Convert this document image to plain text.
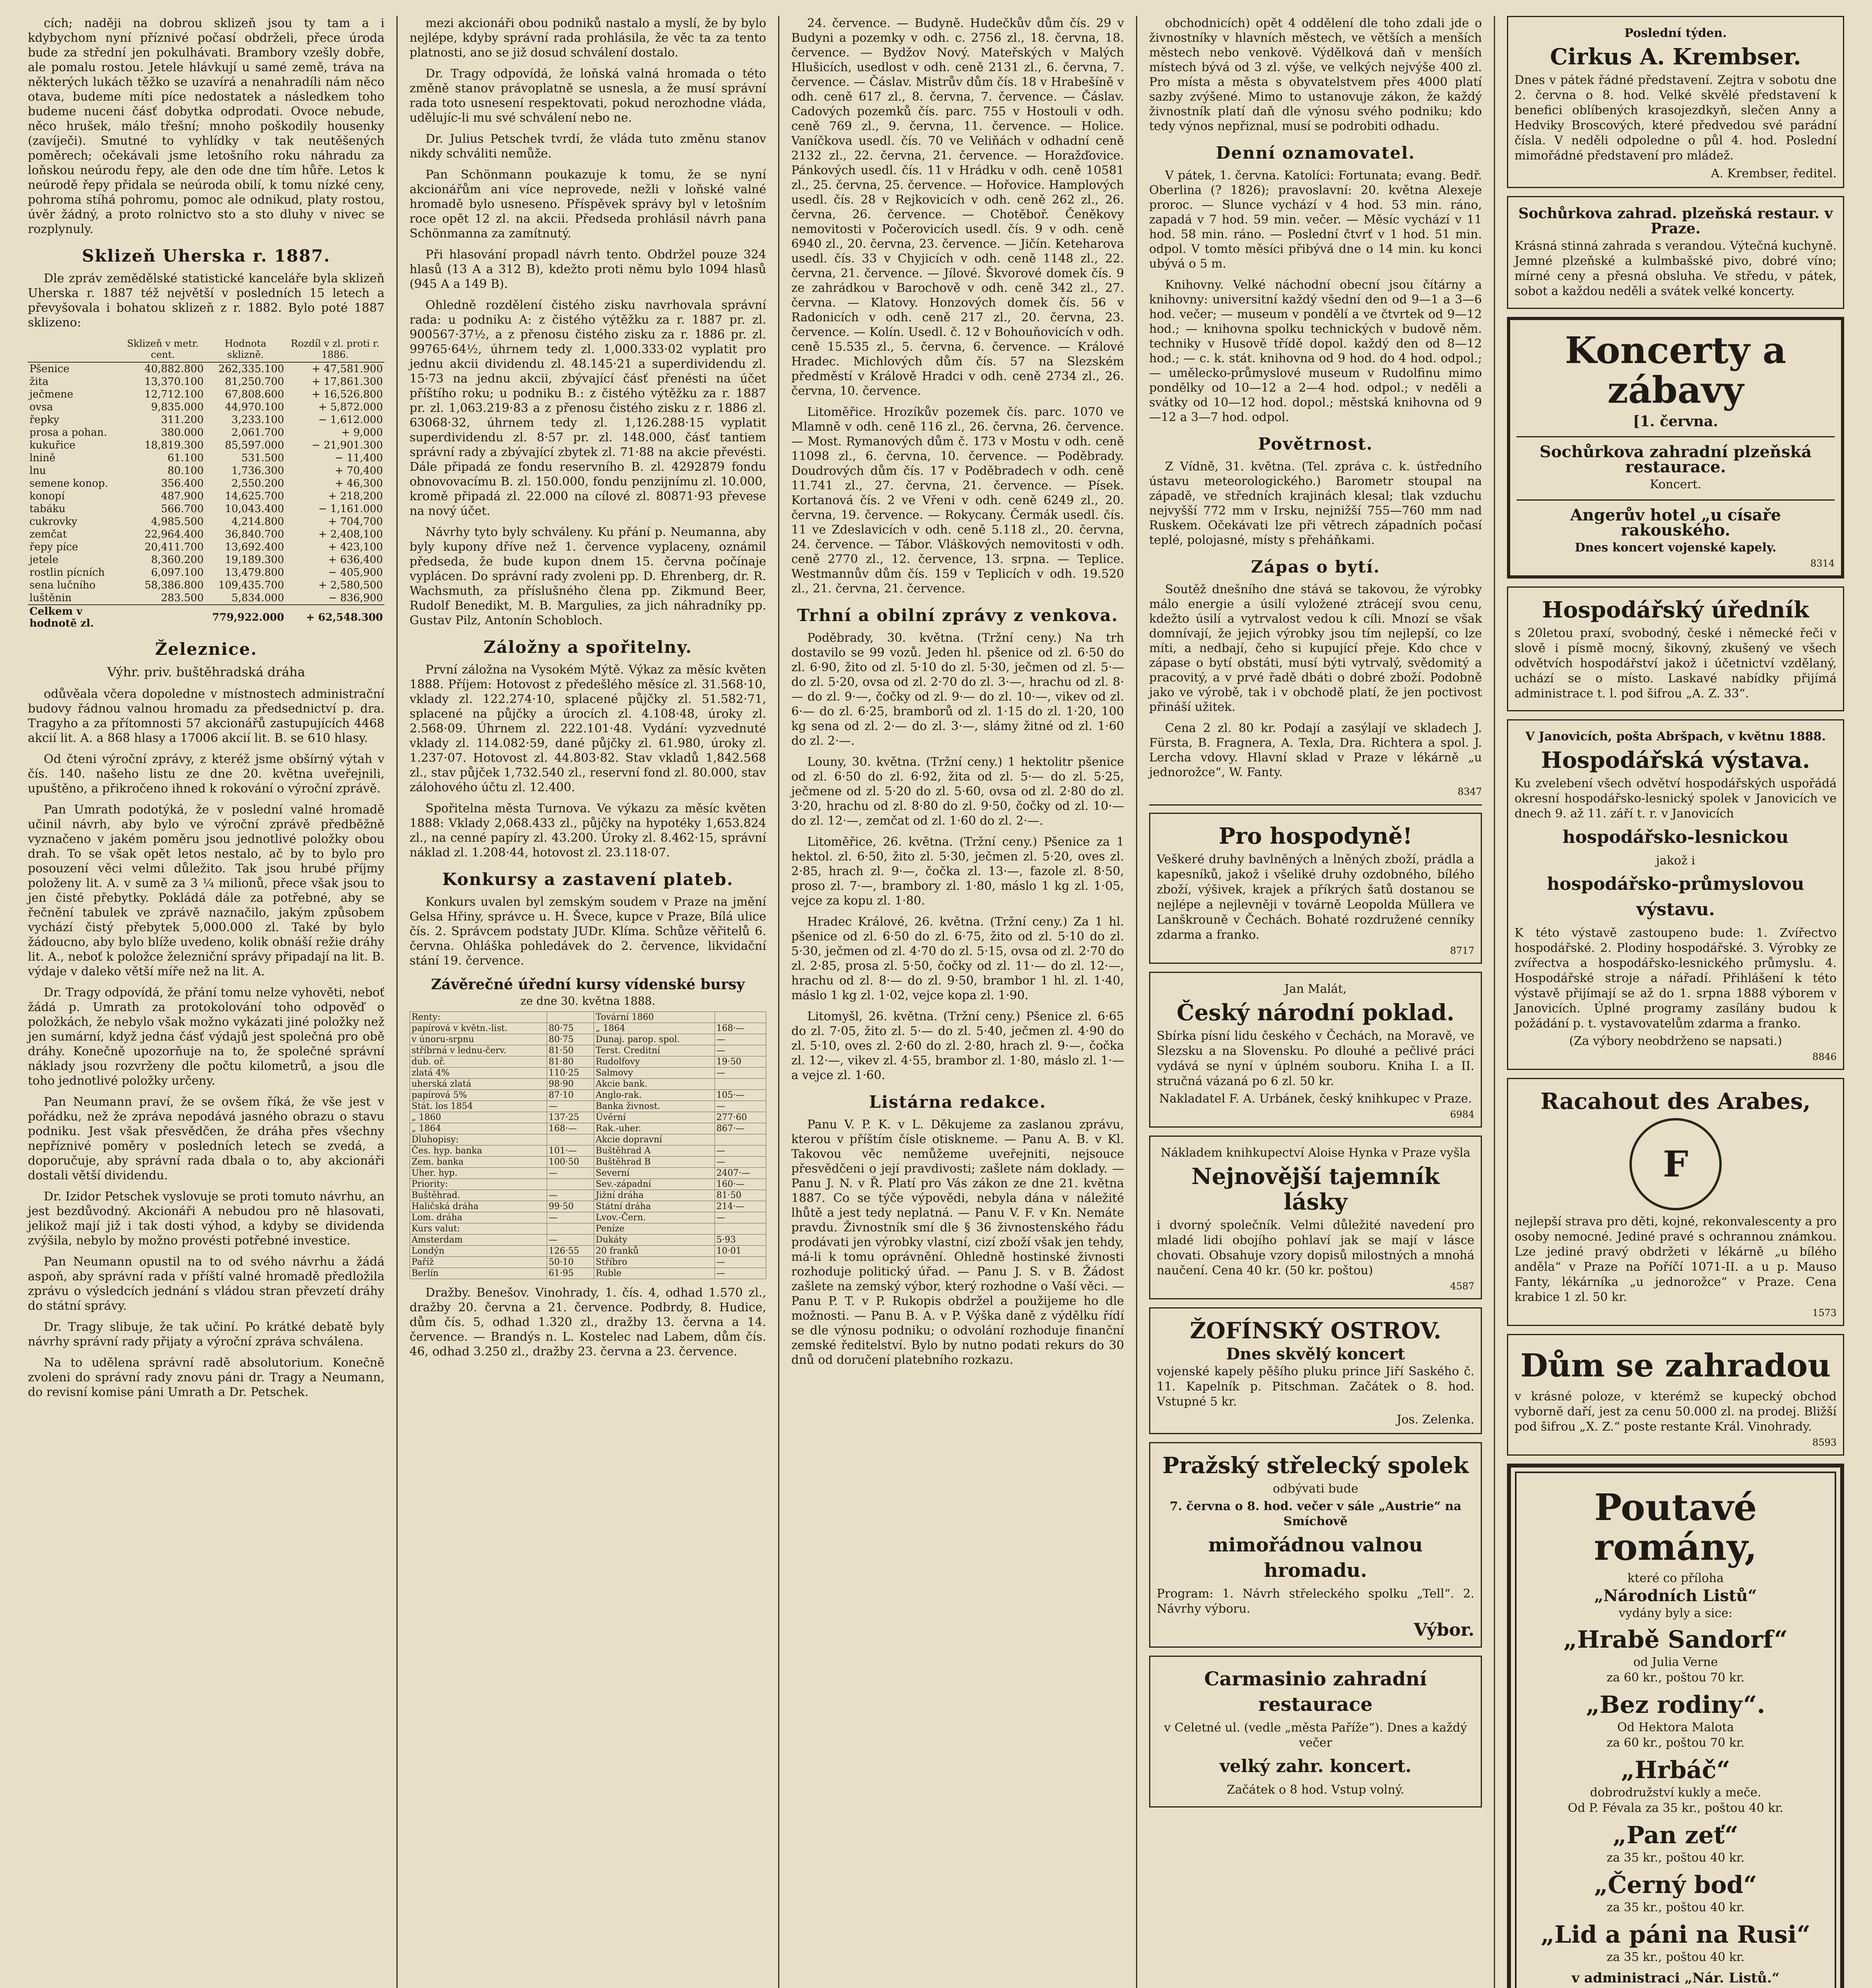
cích; naději na dobrou sklizeň jsou ty tam a i kdybychom nyní příznivé počasí obdrželi, přece úroda bude za střední jen pokulhávati. Brambory vzešly dobře, ale pomalu rostou. Jetele hlávkují u samé země, tráva na některých lukách těžko se uzavírá a nenahradíli nám něco otava, budeme míti píce nedostatek a následkem toho budeme nuceni čásť dobytka odprodati. Ovoce nebude, něco hrušek, málo třešní; mnoho poškodily housenky (zavíječi). Smutné to vyhlídky v tak neutěšených poměrech; očekávali jsme letošního roku náhradu za loňskou neúrodu řepy, ale den ode dne tím hůře. Letos k neúrodě řepy přidala se neúroda obilí, k tomu nízké ceny, pohroma stíhá pohromu, pomoc ale odnikud, platy rostou, úvěr žádný, a proto rolnictvo sto a sto dluhy v nivec se rozplynuly.

Sklizeň Uherska r. 1887.

Dle zpráv zemědělské statistické kanceláře byla sklizeň Uherska r. 1887 též největší v posledních 15 letech a převyšovala i bohatou sklizeň z r. 1882. Bylo poté 1887 sklizeno:

	Sklizeň v metr. cent.	Hodnota sklizně.	Rozdíl v zl. proti r. 1886.
Pšenice	40,882.800	262,335.100	+ 47,581.900
žita	13,370.100	81,250.700	+ 17,861.300
ječmene	12,712.100	67,808.600	+ 16,526.800
ovsa	9,835.000	44,970.100	+ 5,872.000
řepky	311.200	3,233.100	− 1,612.000
prosa a pohan.	380.000	2,061.700	+ 9,000
kukuřice	18,819.300	85,597.000	− 21,901.300
lnině	61.100	531.500	− 11,400
lnu	80.100	1,736.300	+ 70,400
semene konop.	356.400	2,550.200	+ 46,300
konopí	487.900	14,625.700	+ 218,200
tabáku	566.700	10,043.400	− 1,161.000
cukrovky	4,985.500	4,214.800	+ 704,700
zemčat	22,964.400	36,840.700	+ 2,408,100
řepy píce	20,411.700	13,692.400	+ 423,100
jetele	8,360.200	19,189.300	+ 636,400
rostlin pícních	6,097.100	13,479.800	− 405,900
sena lučního	58,386.800	109,435.700	+ 2,580,500
luštěnin	283.500	5,834.000	− 836,900
Celkem v hodnotě zl.		779,922.000	+ 62,548.300
Železnice.
Výhr. priv. buštěhradská dráha

odůvěala včera dopoledne v místnostech administrační budovy řádnou valnou hromadu za předsednictví p. dra. Tragyho a za přítomnosti 57 akcionářů zastupujících 4468 akcií lit. A. a 868 hlasy a 17006 akcií lit. B. se 610 hlasy.

Od čteni výroční zprávy, z kteréž jsme obšírný výtah v čís. 140. našeho listu ze dne 20. května uveřejnili, upuštěno, a přikročeno ihned k rokování o výroční zprávě.

Pan Umrath podotýká, že v poslední valné hromadě učinil návrh, aby bylo ve výroční zprávě předběžně vyznačeno v jakém poměru jsou jednotlivé položky obou drah. To se však opět letos nestalo, ač by to bylo pro posouzení věci velmi důležito. Tak jsou hrubé příjmy položeny lit. A. v sumě za 3 ¼ milionů, přece však jsou to jen čisté přebytky. Pokládá dále za potřebné, aby se řečnění tabulek ve zprávě naznačilo, jakým způsobem vychází čistý přebytek 5,000.000 zl. Také by bylo žádoucno, aby bylo blíže uvedeno, kolik obnáší režie dráhy lit. A., neboť k položce železniční správy připadají na lit. B. výdaje v daleko větší míře než na lit. A.

Dr. Tragy odpovídá, že přání tomu nelze vyhověti, neboť žádá p. Umrath za protokolování toho odpověď o položkách, že nebylo však možno vykázati jiné položky než jen sumární, když jedna čásť výdajů jest společná pro obě dráhy. Konečně upozorňuje na to, že společné správní náklady jsou rozvrženy dle počtu kilometrů, a jsou dle toho jednotlivé položky určeny.

Pan Neumann praví, že se ovšem říká, že vše jest v pořádku, než že zpráva nepodává jasného obrazu o stavu podniku. Jest však přesvědčen, že dráha přes všechny nepříznivé poměry v posledních letech se zvedá, a doporučuje, aby správní rada dbala o to, aby akcionáři dostali větší dividendu.

Dr. Izidor Petschek vyslovuje se proti tomuto návrhu, an jest bezdůvodný. Akcionáři A nebudou pro ně hlasovati, jelikož mají již i tak dosti výhod, a kdyby se dividenda zvýšila, nebylo by možno provésti potřebné investice.

Pan Neumann opustil na to od svého návrhu a žádá aspoň, aby správní rada v příští valné hromadě předložila zprávu o výsledcích jednání s vládou stran převzetí dráhy do státní správy.

Dr. Tragy slibuje, že tak učiní. Po krátké debatě byly návrhy správní rady přijaty a výroční zpráva schválena.

Na to udělena správní radě absolutorium. Konečně zvoleni do správní rady znovu páni dr. Tragy a Neumann, do revisní komise páni Umrath a Dr. Petschek.

mezi akcionáři obou podniků nastalo a myslí, že by bylo nejlépe, kdyby správní rada prohlásila, že věc ta za tento platnosti, ano se již dosud schválení dostalo.

Dr. Tragy odpovídá, že loňská valná hromada o této změně stanov právoplatně se usnesla, a že musí správní rada toto usnesení respektovati, pokud nerozhodne vláda, udělujíc-li mu své schválení nebo ne.

Dr. Julius Petschek tvrdí, že vláda tuto změnu stanov nikdy schváliti nemůže.

Pan Schönmann poukazuje k tomu, že se nyní akcionářům ani více neprovede, nežli v loňské valné hromadě bylo usneseno. Příspěvek správy byl v letošním roce opět 12 zl. na akcii. Předseda prohlásil návrh pana Schönmanna za zamítnutý.

Při hlasování propadl návrh tento. Obdržel pouze 324 hlasů (13 A a 312 B), kdežto proti němu bylo 1094 hlasů (945 A a 149 B).

Ohledně rozdělení čistého zisku navrhovala správní rada: u podniku A: z čistého výtěžku za r. 1887 pr. zl. 900567·37½, a z přenosu čistého zisku za r. 1886 pr. zl. 99765·64½, úhrnem tedy zl. 1,000.333·02 vyplatit pro jednu akcii dividendu zl. 48.145·21 a superdividendu zl. 15·73 na jednu akcii, zbývající čásť přenésti na účet příštího roku; u podniku B.: z čistého výtěžku za r. 1887 pr. zl. 1,063.219·83 a z přenosu čistého zisku z r. 1886 zl. 63068·32, úhrnem tedy zl. 1,126.288·15 vyplatit superdividendu zl. 8·57 pr. zl. 148.000, čásť tantiem správní rady a zbývající zbytek zl. 71·88 na akcie převésti. Dále připadá ze fondu reservního B. zl. 4292879 fondu obnovovacímu B. zl. 150.000, fondu penzijnímu zl. 10.000, kromě připadá zl. 22.000 na cílové zl. 80871·93 převese na nový účet.

Návrhy tyto byly schváleny. Ku přání p. Neumanna, aby byly kupony dříve než 1. července vyplaceny, oznámil předseda, že bude kupon dnem 15. června počínaje vyplácen. Do správní rady zvoleni pp. D. Ehrenberg, dr. R. Wachsmuth, za příslušného člena pp. Zikmund Beer, Rudolf Benedikt, M. B. Margulies, za jich náhradníky pp. Gustav Pilz, Antonín Schobloch.

Záložny a spořitelny.

První záložna na Vysokém Mýtě. Výkaz za měsíc květen 1888. Příjem: Hotovost z předešlého měsíce zl. 31.568·10, vklady zl. 122.274·10, splacené půjčky zl. 51.582·71, splacené na půjčky a úrocích zl. 4.108·48, úroky zl. 2.568·09. Úhrnem zl. 222.101·48. Vydání: vyzvednuté vklady zl. 114.082·59, dané půjčky zl. 61.980, úroky zl. 1.237·07. Hotovost zl. 44.803·82. Stav vkladů 1,842.568 zl., stav půjček 1,732.540 zl., reservní fond zl. 80.000, stav zálohového účtu zl. 12.400.

Spořitelna města Turnova. Ve výkazu za měsíc květen 1888: Vklady 2,068.433 zl., půjčky na hypotéky 1,653.824 zl., na cenné papíry zl. 43.200. Úroky zl. 8.462·15, správní náklad zl. 1.208·44, hotovost zl. 23.118·07.

Konkursy a zastavení plateb.

Konkurs uvalen byl zemským soudem v Praze na jmění Gelsa Hřiny, správce u. H. Švece, kupce v Praze, Bílá ulice čís. 2. Správcem podstaty JUDr. Klíma. Schůze věřitelů 6. června. Ohláška pohledávek do 2. července, likvidační stání 19. července.

Závěrečné úřední kursy vídenské bursy
ze dne 30. května 1888.
Renty:		Tovární 1860	
papírová v květn.-list.	80·75	„ 1864	168·—
v únoru-srpnu	80·75	Dunaj. parop. spol.	—
stříbrná v lednu-červ.	81·50	Terst. Creditní	—
dub. oř.	81·80	Rudolfovy	19·50
zlatá 4%	110·25	Salmovy	—
uherská zlatá	98·90	Akcie bank.	
papírová 5%	87·10	Anglo-rak.	105·—
Stát. los 1854	—	Banka živnost.	—
„ 1860	137·25	Úvěrní	277·60
„ 1864	168·—	Rak.-uher.	867·—
Dluhopisy:		Akcie dopravní	
Čes. hyp. banka	101·—	Buštěhrad A	—
Zem. banka	100·50	Buštěhrad B	—
Uher. hyp.	—	Severní	2407·—
Priority:		Sev.-západní	160·—
Buštěhrad.	—	Jižní dráha	81·50
Haličská dráha	99·50	Státní dráha	214·—
Lom. dráha	—	Lvov.-Čern.	—
Kurs valut:		Peníze	
Amsterdam	—	Dukáty	5·93
Londýn	126·55	20 franků	10·01
Paříž	50·10	Stříbro	—
Berlín	61·95	Ruble	—

Dražby. Benešov. Vinohrady, 1. čís. 4, odhad 1.570 zl., dražby 20. června a 21. července. Podbrdy, 8. Hudice, dům čís. 5, odhad 1.320 zl., dražby 13. června a 14. července. — Brandýs n. L. Kostelec nad Labem, dům čís. 46, odhad 3.250 zl., dražby 23. června a 23. července.

24. července. — Budyně. Hudečkův dům čís. 29 v Budyni a pozemky v odh. c. 2756 zl., 18. června, 18. července. — Bydžov Nový. Mateřských v Malých Hlušicích, usedlost v odh. ceně 2131 zl., 6. června, 7. července. — Čáslav. Mistrův dům čís. 18 v Hrabešíně v odh. ceně 617 zl., 8. června, 7. července. — Čáslav. Cadových pozemků čís. parc. 755 v Hostouli v odh. ceně 769 zl., 9. června, 11. července. — Holice. Vaníčkova usedl. čís. 70 ve Veliňách v odhadní ceně 2132 zl., 22. června, 21. července. — Horažďovice. Pánkových usedl. čís. 11 v Hrádku v odh. ceně 10581 zl., 25. června, 25. července. — Hořovice. Hamplových usedl. čís. 28 v Rejkovicích v odh. ceně 262 zl., 26. června, 26. července. — Chotěboř. Čeněkovy nemovitosti v Počerovicích usedl. čís. 9 v odh. ceně 6940 zl., 20. června, 23. července. — Jičín. Keteharova usedl. čís. 33 v Chyjicích v odh. ceně 1148 zl., 22. června, 21. července. — Jílové. Škvorové domek čís. 9 ze zahrádkou v Barochově v odh. ceně 342 zl., 27. června. — Klatovy. Honzových domek čís. 56 v Radonicích v odh. ceně 217 zl., 20. června, 23. července. — Kolín. Usedl. č. 12 v Bohouňovicích v odh. ceně 15.535 zl., 5. června, 6. července. — Králové Hradec. Michlových dům čís. 57 na Slezském předměstí v Králově Hradci v odh. ceně 2734 zl., 26. června, 10. července.

Litoměřice. Hrozíkův pozemek čís. parc. 1070 ve Mlamně v odh. ceně 116 zl., 26. června, 26. července. — Most. Rymanových dům č. 173 v Mostu v odh. ceně 11098 zl., 6. června, 10. července. — Poděbrady. Doudrových dům čís. 17 v Poděbradech v odh. ceně 11.741 zl., 27. června, 21. července. — Písek. Kortanová čís. 2 ve Vřeni v odh. ceně 6249 zl., 20. června, 19. července. — Rokycany. Čermák usedl. čís. 11 ve Zdeslavicích v odh. ceně 5.118 zl., 20. června, 24. července. — Tábor. Vláškových nemovitosti v odh. ceně 2770 zl., 12. července, 13. srpna. — Teplice. Westmannův dům čís. 159 v Teplicích v odh. 19.520 zl., 21. června, 21. července.

Trhní a obilní zprávy z venkova.

Poděbrady, 30. května. (Tržní ceny.) Na trh dostavilo se 99 vozů. Jeden hl. pšenice od zl. 6·50 do zl. 6·90, žito od zl. 5·10 do zl. 5·30, ječmen od zl. 5·— do zl. 5·20, ovsa od zl. 2·70 do zl. 3·—, hrachu od zl. 8·— do zl. 9·—, čočky od zl. 9·— do zl. 10·—, vikev od zl. 6·— do zl. 6·25, bramborů od zl. 1·15 do zl. 1·20, 100 kg sena od zl. 2·— do zl. 3·—, slámy žitné od zl. 1·60 do zl. 2·—.

Louny, 30. května. (Tržní ceny.) 1 hektolitr pšenice od zl. 6·50 do zl. 6·92, žita od zl. 5·— do zl. 5·25, ječmene od zl. 5·20 do zl. 5·60, ovsa od zl. 2·80 do zl. 3·20, hrachu od zl. 8·80 do zl. 9·50, čočky od zl. 10·— do zl. 12·—, zemčat od zl. 1·60 do zl. 2·—.

Litoměřice, 26. května. (Tržní ceny.) Pšenice za 1 hektol. zl. 6·50, žito zl. 5·30, ječmen zl. 5·20, oves zl. 2·85, hrach zl. 9·—, čočka zl. 13·—, fazole zl. 8·50, proso zl. 7·—, brambory zl. 1·80, máslo 1 kg zl. 1·05, vejce za kopu zl. 1·80.

Hradec Králové, 26. května. (Tržní ceny.) Za 1 hl. pšenice od zl. 6·50 do zl. 6·75, žito od zl. 5·10 do zl. 5·30, ječmen od zl. 4·70 do zl. 5·15, ovsa od zl. 2·70 do zl. 2·85, prosa zl. 5·50, čočky od zl. 11·— do zl. 12·—, hrachu od zl. 8·— do zl. 9·50, brambor 1 hl. zl. 1·40, máslo 1 kg zl. 1·02, vejce kopa zl. 1·90.

Litomyšl, 26. května. (Tržní ceny.) Pšenice zl. 6·65 do zl. 7·05, žito zl. 5·— do zl. 5·40, ječmen zl. 4·90 do zl. 5·10, oves zl. 2·60 do zl. 2·80, hrach zl. 9·—, čočka zl. 12·—, vikev zl. 4·55, brambor zl. 1·80, máslo zl. 1·— a vejce zl. 1·60.

Listárna redakce.

Panu V. P. K. v L. Děkujeme za zaslanou zprávu, kterou v příštím čísle otiskneme. — Panu A. B. v Kl. Takovou věc nemůžeme uveřejniti, nejsouce přesvědčeni o její pravdivosti; zašlete nám doklady. — Panu J. N. v Ř. Platí pro Vás zákon ze dne 21. května 1887. Co se týče výpovědi, nebyla dána v náležité lhůtě a jest tedy neplatná. — Panu V. F. v Kn. Nemáte pravdu. Živnostník smí dle § 36 živnostenského řádu prodávati jen výrobky vlastní, cizí zboží však jen tehdy, má-li k tomu oprávnění. Ohledně hostinské živnosti rozhoduje politický úřad. — Panu J. S. v B. Žádost zašlete na zemský výbor, který rozhodne o Vaší věci. — Panu P. T. v P. Rukopis obdržel a použijeme ho dle možnosti. — Panu B. A. v P. Výška daně z výdělku řídí se dle výnosu podniku; o odvolání rozhoduje finanční zemské ředitelství. Bylo by nutno podati rekurs do 30 dnů od doručení platebního rozkazu.

obchodnicích) opět 4 oddělení dle toho zdali jde o živnostníky v hlavních městech, ve větších a menších městech nebo venkově. Výdělková daň v menších místech bývá od 3 zl. výše, ve velkých nejvýše 400 zl. Pro místa a města s obyvatelstvem přes 4000 platí sazby zvýšené. Mimo to ustanovuje zákon, že každý živnostník platí daň dle výnosu svého podniku; kdo tedy výnos nepřiznal, musí se podrobiti odhadu.

Denní oznamovatel.

V pátek, 1. června. Katolíci: Fortunata; evang. Bedř. Oberlina (? 1826); pravoslavní: 20. května Alexeje proroc. — Slunce vychází v 4 hod. 53 min. ráno, zapadá v 7 hod. 59 min. večer. — Měsíc vychází v 11 hod. 58 min. ráno. — Poslední čtvrť v 1 hod. 51 min. odpol. V tomto měsíci přibývá dne o 14 min. ku konci ubývá o 5 m.

Knihovny. Velké náchodní obecní jsou čítárny a knihovny: universitní každý všední den od 9—1 a 3—6 hod. večer; — museum v pondělí a ve čtvrtek od 9—12 hod.; — knihovna spolku technických v budově něm. techniky v Husově třídě dopol. každý den od 8—12 hod.; — c. k. stát. knihovna od 9 hod. do 4 hod. odpol.; — umělecko-průmyslové museum v Rudolfinu mimo pondělky od 10—12 a 2—4 hod. odpol.; v neděli a svátky od 10—12 hod. dopol.; městská knihovna od 9—12 a 3—7 hod. odpol.

Povětrnost.

Z Vídně, 31. května. (Tel. zpráva c. k. ústředního ústavu meteorologického.) Barometr stoupal na západě, ve středních krajinách klesal; tlak vzduchu nejvyšší 772 mm v Irsku, nejnižší 755—760 mm nad Ruskem. Očekávati lze při větrech západních počasí teplé, polojasné, místy s přeháňkami.

Zápas o bytí.

Soutěž dnešního dne stává se takovou, že výrobky málo energie a úsilí vyložené ztrácejí svou cenu, kdežto úsilí a vytrvalost vedou k cíli. Mnozí se však domnívají, že jejich výrobky jsou tím nejlepší, co lze míti, a nedbají, čeho si kupující přeje. Kdo chce v zápase o bytí obstáti, musí býti vytrvalý, svědomitý a pracovitý, a v prvé řadě dbáti o dobré zboží. Podobně jako ve výrobě, tak i v obchodě platí, že jen poctivost přináší užitek.

Cena 2 zl. 80 kr. Podají a zasýlají ve skladech J. Fürsta, B. Fragnera, A. Texla, Dra. Richtera a spol. J. Lercha vdovy. Hlavní sklad v Praze v lékárně „u jednorožce“, W. Fanty.

8347
Pro hospodyně!
Veškeré druhy bavlněných a lněných zboží, prádla a kapesníků, jakož i všeliké druhy ozdobného, bílého zboží, výšivek, krajek a příkrých šatů dostanou se nejlépe a nejlevněji v továrně Leopolda Müllera ve Lanškrouně v Čechách. Bohaté rozdružené cenníky zdarma a franko.
8717
Jan Malát,
Český národní poklad.
Sbírka písní lidu českého v Čechách, na Moravě, ve Slezsku a na Slovensku. Po dlouhé a pečlivé práci vydává se nyní v úplném souboru. Kniha I. a II. stručná vázaná po 6 zl. 50 kr.
Nakladatel F. A. Urbánek, český knihkupec v Praze.
6984
Nákladem knihkupectví Aloise Hynka v Praze vyšla
Nejnovější tajemník lásky
i dvorný společník. Velmi důležité navedení pro mladé lidi obojího pohlaví jak se mají v lásce chovati. Obsahuje vzory dopisů milostných a mnohá naučení. Cena 40 kr. (50 kr. poštou)
4587
ŽOFÍNSKÝ OSTROV.
Dnes skvělý koncert
vojenské kapely pěšího pluku prince Jiří Saského č. 11. Kapelník p. Pitschman. Začátek o 8. hod. Vstupné 5 kr.
Jos. Zelenka.
Pražský střelecký spolek
odbývati bude
7. června o 8. hod. večer v sále „Austrie“ na Smíchově
mimořádnou valnou hromadu.
Program: 1. Návrh střeleckého spolku „Tell“. 2. Návrhy výboru.
Výbor.
Carmasinio zahradní restaurace
v Celetné ul. (vedle „města Paříže“). Dnes a každý večer
velký zahr. koncert.
Začátek o 8 hod. Vstup volný.
Poslední týden.
Cirkus A. Krembser.
Dnes v pátek řádné představení. Zejtra v sobotu dne 2. června o 8. hod. Velké skvělé představení k benefici oblíbených krasojezdkyň, slečen Anny a Hedviky Broscových, které předvedou své parádní čísla. V neděli odpoledne o půl 4. hod. Poslední mimořádné představení pro mládež.
A. Krembser, ředitel.
Sochůrkova zahrad. plzeňská restaur. v Praze.
Krásná stinná zahrada s verandou. Výtečná kuchyně. Jemné plzeňské a kulmbašské pivo, dobré víno; mírné ceny a přesná obsluha. Ve středu, v pátek, sobot a každou neděli a svátek velké koncerty.
Koncerty a zábavy
[1. června.
Sochůrkova zahradní plzeňská restaurace.
Koncert.
Angerův hotel „u císaře rakouského.
Dnes koncert vojenské kapely.
8314
Hospodářský úředník
s 20letou praxí, svobodný, české i německé řeči v slově i písmě mocný, šikovný, zkušený ve všech odvětvích hospodářství jakož i účetnictví vzdělaný, uchází se o místo. Laskavé nabídky přijímá administrace t. l. pod šifrou „A. Z. 33“.
V Janovicích, pošta Abršpach, v květnu 1888.
Hospodářská výstava.
Ku zvelebení všech odvětví hospodářských uspořádá okresní hospodářsko-lesnický spolek v Janovicích ve dnech 9. až 11. září t. r. v Janovicích
hospodářsko-lesnickou
jakož i
hospodářsko-průmyslovou výstavu.
K této výstavě zastoupeno bude: 1. Zvířectvo hospodářské. 2. Plodiny hospodářské. 3. Výrobky ze zvířectva a hospodářsko-lesnického průmyslu. 4. Hospodářské stroje a nářadí. Přihlášení k této výstavě přijímají se až do 1. srpna 1888 výborem v Janovicích. Úplné programy zasílány budou k požádání p. t. vystavovatelům zdarma a franko.
(Za výbory neobdrženo se napsati.)
8846
Racahout des Arabes,
F
nejlepší strava pro děti, kojné, rekonvalescenty a pro osoby nemocné. Jediné pravé s ochrannou známkou. Lze jediné pravý obdržeti v lékárně „u bílého anděla“ v Praze na Poříčí 1071-II. a u p. Mauso Fanty, lékárníka „u jednorožce“ v Praze. Cena krabice 1 zl. 50 kr.
1573
Dům se zahradou
v krásné poloze, v kterémž se kupecký obchod vybornĕ daří, jest za cenu 50.000 zl. na prodej. Bližší pod šifrou „X. Z.“ poste restante Král. Vinohrady.
8593
Poutavé romány,
které co příloha
„Národních Listů“
vydány byly a sice:
„Hrabě Sandorf“
od Julia Verne
za 60 kr., poštou 70 kr.
„Bez rodiny“.
Od Hektora Malota
za 60 kr., poštou 70 kr.
„Hrbáč“
dobrodružství kukly a meče.
Od P. Févala za 35 kr., poštou 40 kr.
„Pan zeť“
za 35 kr., poštou 40 kr.
„Černý bod“
za 35 kr., poštou 40 kr.
„Lid a páni na Rusi“
za 35 kr., poštou 40 kr.
v administraci „Nár. Listů.“
